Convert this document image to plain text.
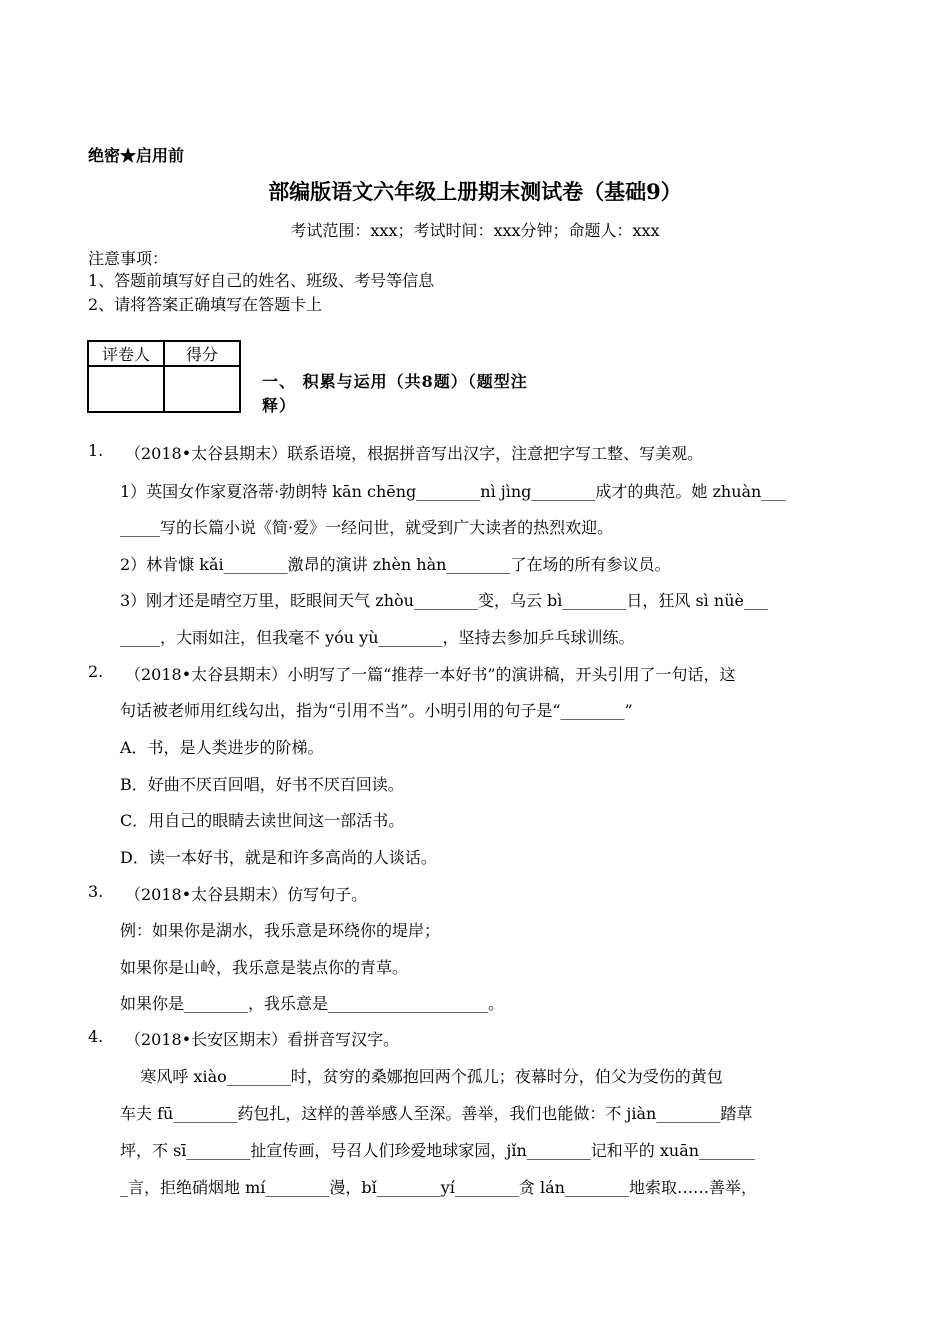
绝密★启用前
部编版语文六年级上册期末测试卷（基础9）
考试范围：xxx；考试时间：xxx分钟；命题人：xxx
注意事项：
1、答题前填写好自己的姓名、班级、考号等信息
2、请将答案正确填写在答题卡上
评卷人	得分

一、 积累与运用（共8题）（题型注
释）
1. （2018•太谷县期末）联系语境，根据拼音写出汉字，注意把字写工整、写美观。
1）英国女作家夏洛蒂·勃朗特 kān chēng________nì jìng________成才的典范。她 zhuàn___
_____写的长篇小说《简·爱》一经问世，就受到广大读者的热烈欢迎。
2）林肯慷 kǎi________激昂的演讲 zhèn hàn________了在场的所有参议员。
3）刚才还是晴空万里，眨眼间天气 zhòu________变，乌云 bì________日，狂风 sì nüè___
_____，大雨如注，但我毫不 yóu yù________，坚持去参加乒乓球训练。
2. （2018•太谷县期末）小明写了一篇“推荐一本好书”的演讲稿，开头引用了一句话，这
句话被老师用红线勾出，指为“引用不当”。小明引用的句子是“________”
A．书，是人类进步的阶梯。
B．好曲不厌百回唱，好书不厌百回读。
C．用自己的眼睛去读世间这一部活书。
D．读一本好书，就是和许多高尚的人谈话。
3. （2018•太谷县期末）仿写句子。
例：如果你是湖水，我乐意是环绕你的堤岸；
如果你是山岭，我乐意是装点你的青草。
如果你是________，我乐意是____________________。
4. （2018•长安区期末）看拼音写汉字。
寒风呼 xiào________时，贫穷的桑娜抱回两个孤儿；夜幕时分，伯父为受伤的黄包
车夫 fū________药包扎，这样的善举感人至深。善举，我们也能做：不 jiàn________踏草
坪，不 sī________扯宣传画，号召人们珍爱地球家园，jǐn________记和平的 xuān_______
_言，拒绝硝烟地 mí________漫，bǐ________yí________贪 lán________地索取……善举，
